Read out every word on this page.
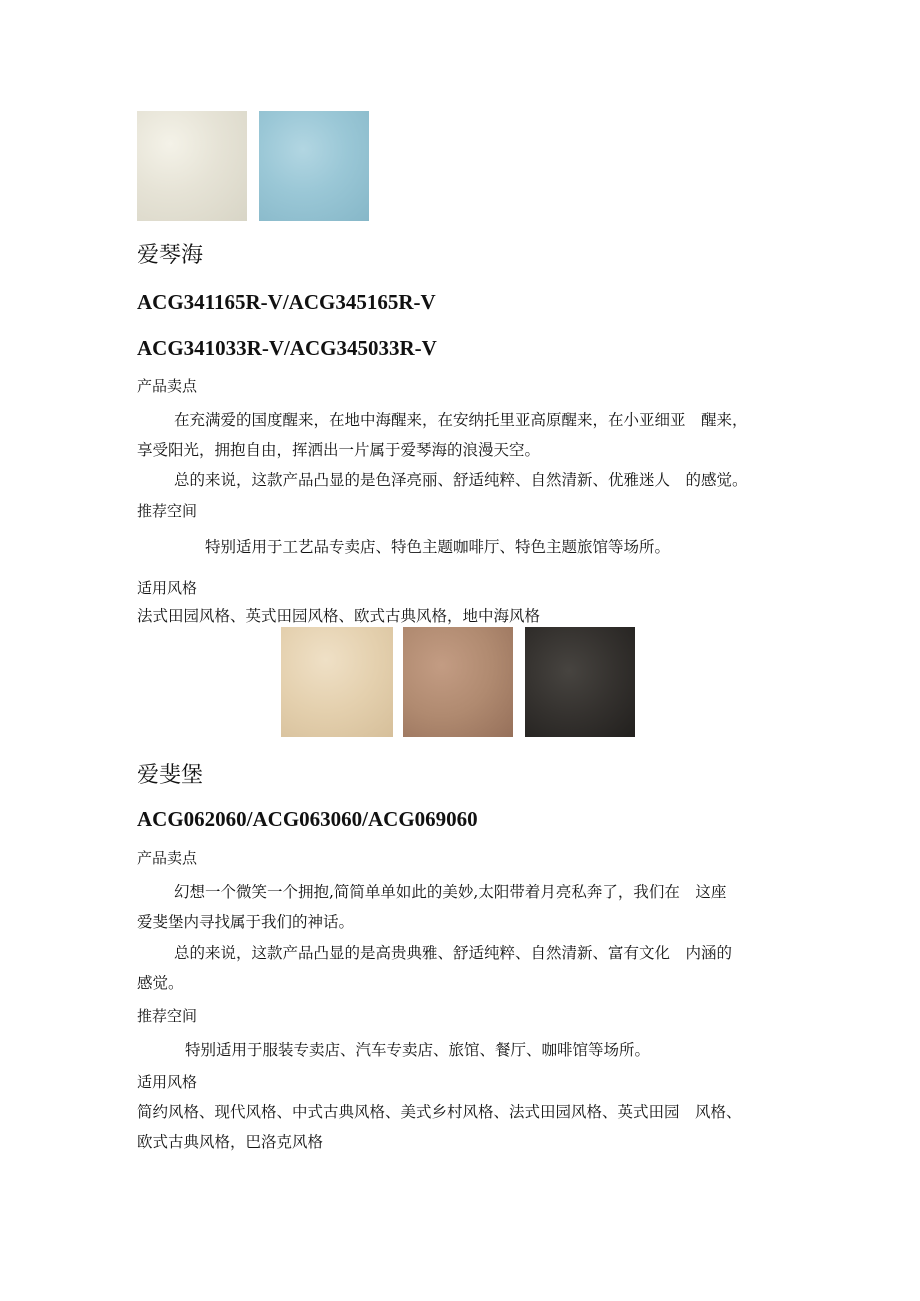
爱琴海
ACG341165R-V/ACG345165R-V
ACG341033R-V/ACG345033R-V
产品卖点
在充满爱的国度醒来，在地中海醒来，在安纳托里亚高原醒来，在小亚细亚　醒来，
享受阳光，拥抱自由，挥洒出一片属于爱琴海的浪漫天空。
总的来说，这款产品凸显的是色泽亮丽、舒适纯粹、自然清新、优雅迷人　的感觉。
推荐空间
特别适用于工艺品专卖店、特色主题咖啡厅、特色主题旅馆等场所。
适用风格
法式田园风格、英式田园风格、欧式古典风格，地中海风格
爱斐堡
ACG062060/ACG063060/ACG069060
产品卖点
幻想一个微笑一个拥抱,简简单单如此的美妙,太阳带着月亮私奔了，我们在　这座
爱斐堡内寻找属于我们的神话。
总的来说，这款产品凸显的是高贵典雅、舒适纯粹、自然清新、富有文化　内涵的
感觉。
推荐空间
特别适用于服装专卖店、汽车专卖店、旅馆、餐厅、咖啡馆等场所。
适用风格
简约风格、现代风格、中式古典风格、美式乡村风格、法式田园风格、英式田园　风格、
欧式古典风格，巴洛克风格
